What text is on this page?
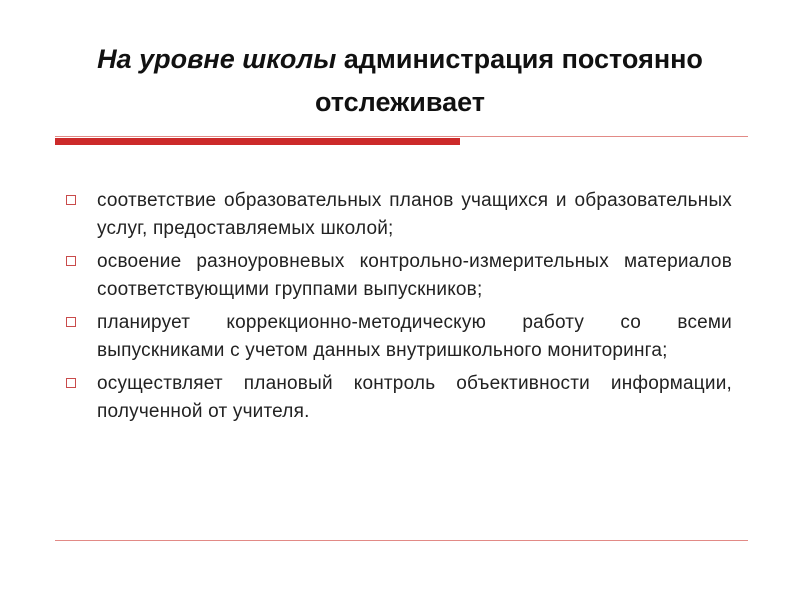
На уровне школы администрация постоянно отслеживает
соответствие образовательных планов учащихся и образовательных услуг, предоставляемых школой;
освоение разноуровневых контрольно-измерительных материалов соответствующими группами выпускников;
планирует коррекционно-методическую работу со всеми выпускниками с учетом данных внутришкольного мониторинга;
осуществляет плановый контроль объективности информации, полученной от учителя.
